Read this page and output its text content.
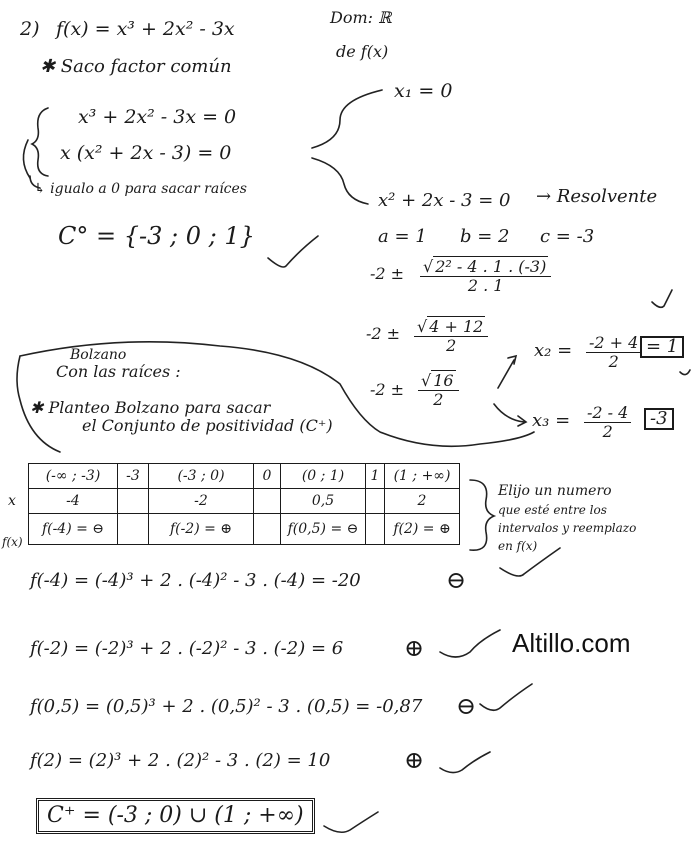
2) f(x) = x³ + 2x² - 3x
Dom: ℝ
de f(x)
✱ Saco factor común
x³ + 2x² - 3x = 0
x (x² + 2x - 3) = 0
↳ igualo a 0 para sacar raíces
C° = {-3 ; 0 ; 1}
x₁ = 0
x² + 2x - 3 = 0 → Resolvente
a = 1 b = 2 c = -3
$-2 \pm \frac{\text{√ 2² - 4 . 1 . (-3)}}{2 . 1}$
$-2 \pm \frac{√ 4 + 12}{2}$
$-2 \pm \frac{√ 16}{2}$
$x_2 = \frac{-2 + 4}{2} = 1$
$x_3 = \frac{-2 - 4}{2}$	-3
Bolzano
Con las raíces :
✱ Planteo Bolzano para sacar
el Conjunto de positividad (C⁺)
(-∞ ; -3)	-3	(-3 ; 0)	0	(0 ; 1)	1	(1 ; +∞)
-4		-2		0,5		2
f(-4) = ⊖		f(-2) = ⊕		f(0,5) = ⊖		f(2) = ⊕
x
f(x)
Elijo un numero
que esté entre los
intervalos y reemplazo
en f(x)
f(-4) = (-4)³ + 2 . (-4)² - 3 . (-4) = -20	⊖
f(-2) = (-2)³ + 2 . (-2)² - 3 . (-2) = 6	⊕
f(0,5) = (0,5)³ + 2 . (0,5)² - 3 . (0,5) = -0,87 ⊖
f(2) = (2)³ + 2 . (2)² - 3 . (2) = 10	⊕
C⁺ = (-3 ; 0) ∪ (1 ; +∞)
Altillo.com
